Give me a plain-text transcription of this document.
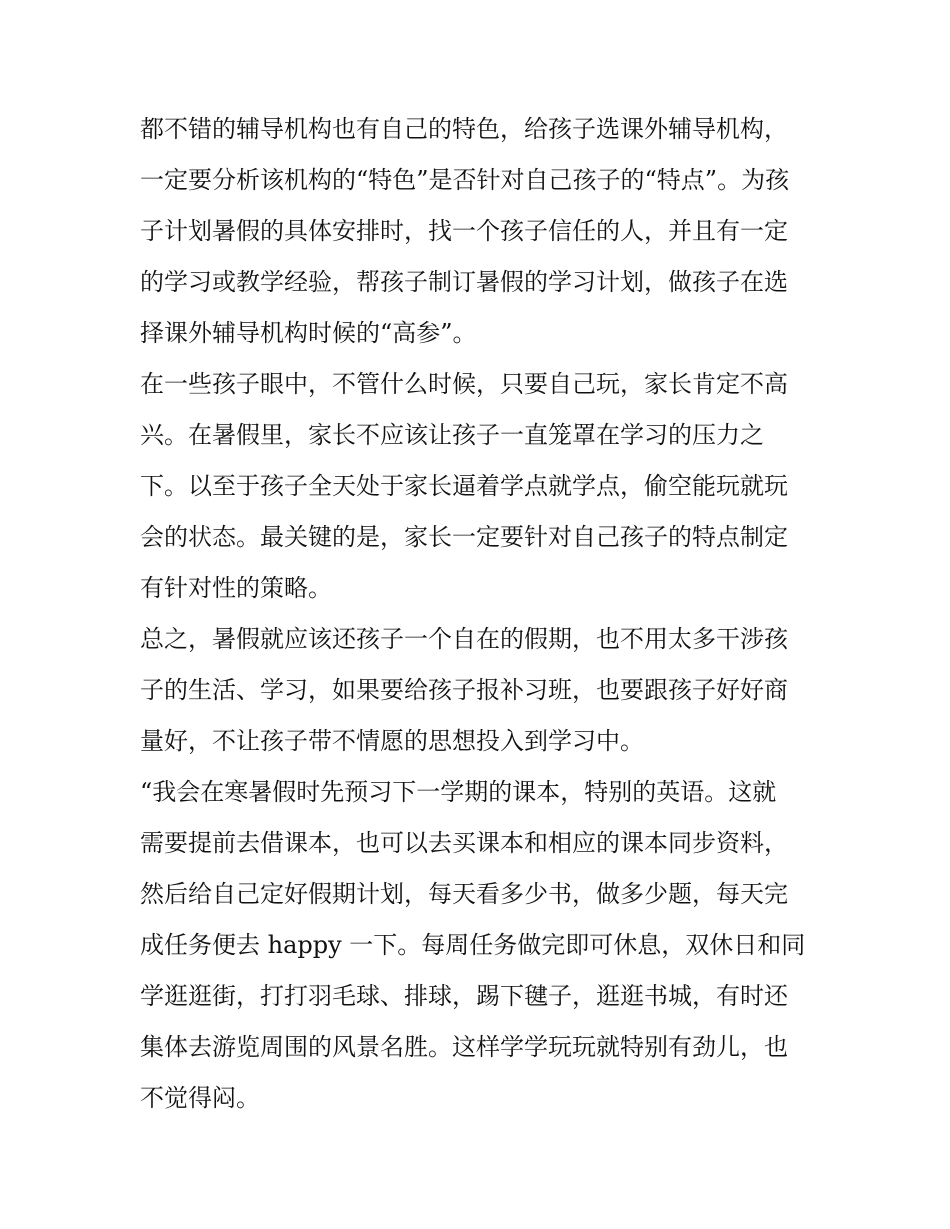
都不错的辅导机构也有自己的特色，给孩子选课外辅导机构，
一定要分析该机构的“特色”是否针对自己孩子的“特点”。为孩
子计划暑假的具体安排时，找一个孩子信任的人，并且有一定
的学习或教学经验，帮孩子制订暑假的学习计划，做孩子在选
择课外辅导机构时候的“高参”。
在一些孩子眼中，不管什么时候，只要自己玩，家长肯定不高
兴。在暑假里，家长不应该让孩子一直笼罩在学习的压力之
下。以至于孩子全天处于家长逼着学点就学点，偷空能玩就玩
会的状态。最关键的是，家长一定要针对自己孩子的特点制定
有针对性的策略。
总之，暑假就应该还孩子一个自在的假期，也不用太多干涉孩
子的生活、学习，如果要给孩子报补习班，也要跟孩子好好商
量好，不让孩子带不情愿的思想投入到学习中。
“我会在寒暑假时先预习下一学期的课本，特别的英语。这就
需要提前去借课本，也可以去买课本和相应的课本同步资料，
然后给自己定好假期计划，每天看多少书，做多少题，每天完
成任务便去 happy 一下。每周任务做完即可休息，双休日和同
学逛逛街，打打羽毛球、排球，踢下毽子，逛逛书城，有时还
集体去游览周围的风景名胜。这样学学玩玩就特别有劲儿，也
不觉得闷。
